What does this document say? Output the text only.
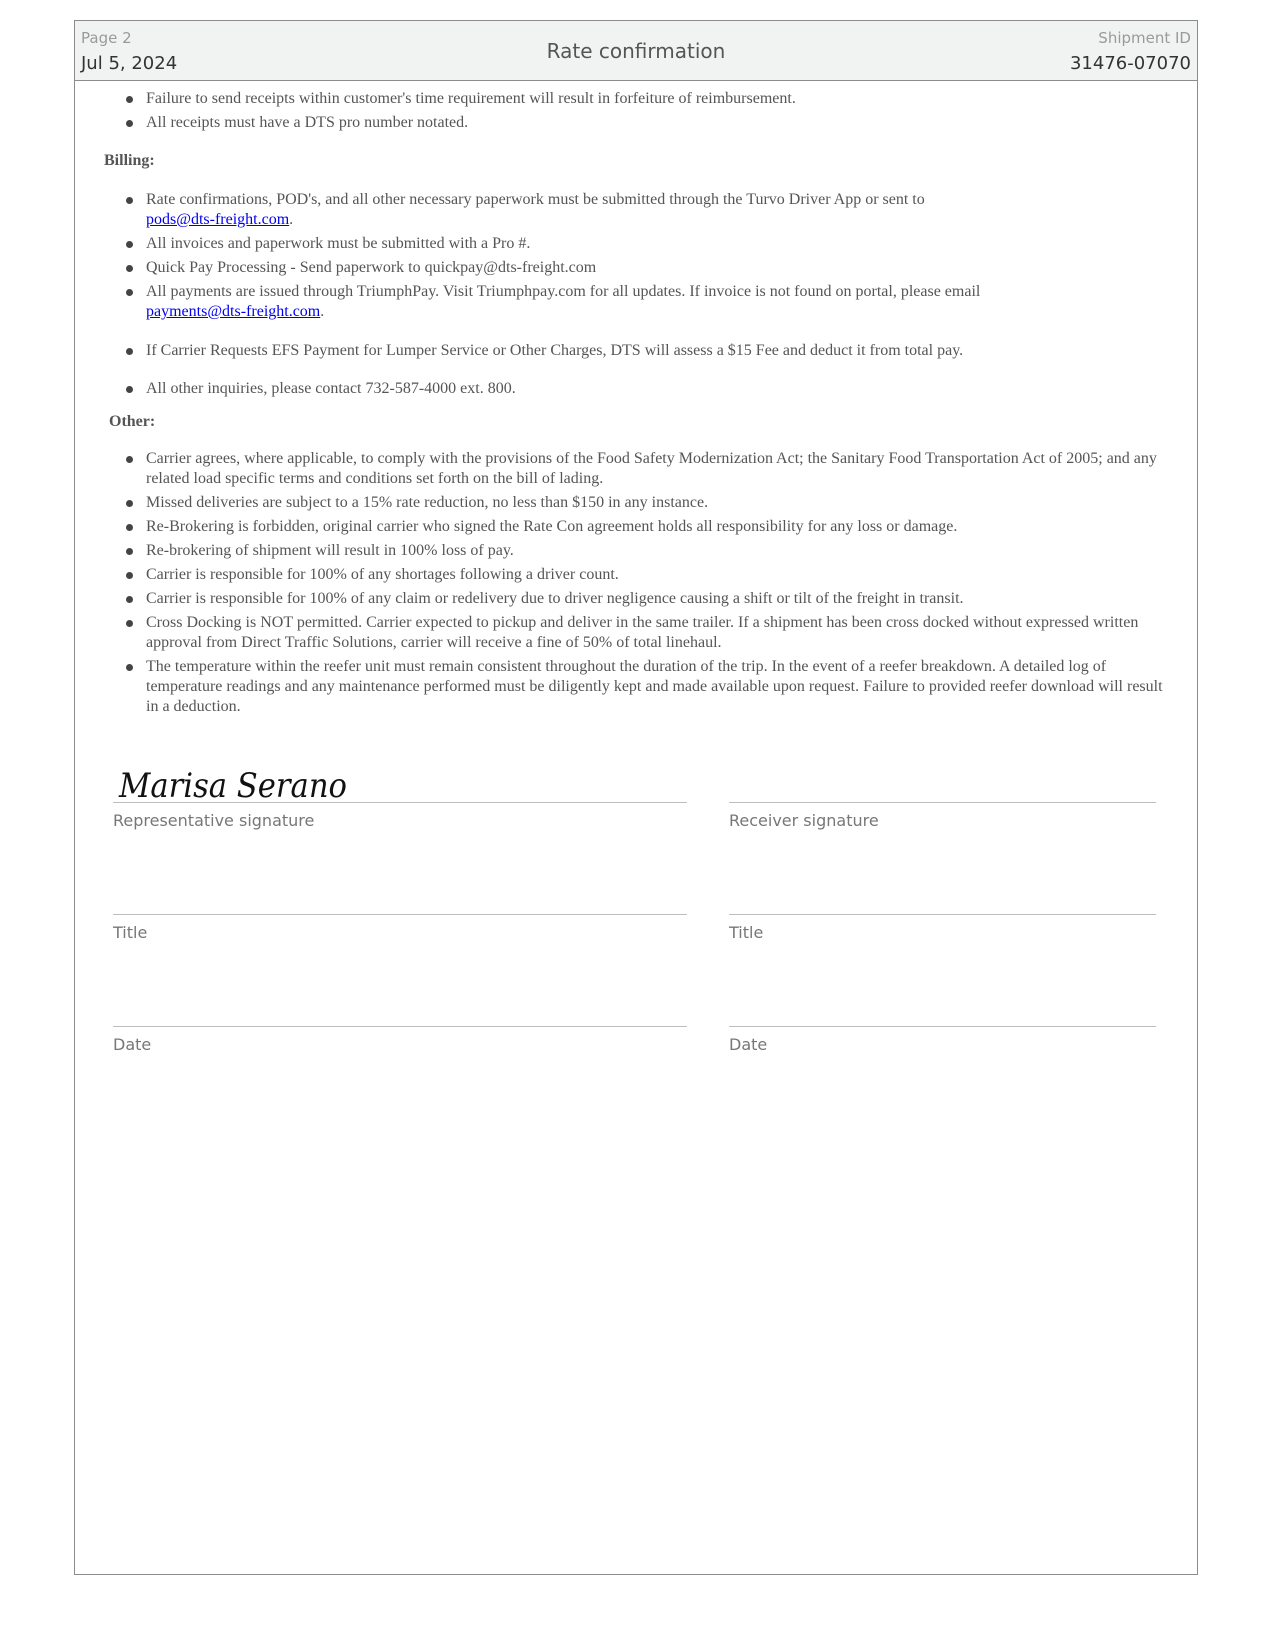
Page 2
Jul 5, 2024
Rate confirmation
Shipment ID
31476-07070
Failure to send receipts within customer's time requirement will result in forfeiture of reimbursement.
All receipts must have a DTS pro number notated.
Billing:
Rate confirmations, POD's, and all other necessary paperwork must be submitted through the Turvo Driver App or sent to
pods@dts-freight.com.
All invoices and paperwork must be submitted with a Pro #.
Quick Pay Processing - Send paperwork to quickpay@dts-freight.com
All payments are issued through TriumphPay. Visit Triumphpay.com for all updates. If invoice is not found on portal, please email
payments@dts-freight.com.
If Carrier Requests EFS Payment for Lumper Service or Other Charges, DTS will assess a $15 Fee and deduct it from total pay.
All other inquiries, please contact 732-587-4000 ext. 800.
Other:
Carrier agrees, where applicable, to comply with the provisions of the Food Safety Modernization Act; the Sanitary Food Transportation Act of 2005; and any related load specific terms and conditions set forth on the bill of lading.
Missed deliveries are subject to a 15% rate reduction, no less than $150 in any instance.
Re-Brokering is forbidden, original carrier who signed the Rate Con agreement holds all responsibility for any loss or damage.
Re-brokering of shipment will result in 100% loss of pay.
Carrier is responsible for 100% of any shortages following a driver count.
Carrier is responsible for 100% of any claim or redelivery due to driver negligence causing a shift or tilt of the freight in transit.
Cross Docking is NOT permitted. Carrier expected to pickup and deliver in the same trailer. If a shipment has been cross docked without expressed written approval from Direct Traffic Solutions, carrier will receive a fine of 50% of total linehaul.
The temperature within the reefer unit must remain consistent throughout the duration of the trip. In the event of a reefer breakdown. A detailed log of temperature readings and any maintenance performed must be diligently kept and made available upon request. Failure to provided reefer download will result in a deduction.
Marisa Serano
Representative signature	Receiver signature
Title	Title
Date	Date
